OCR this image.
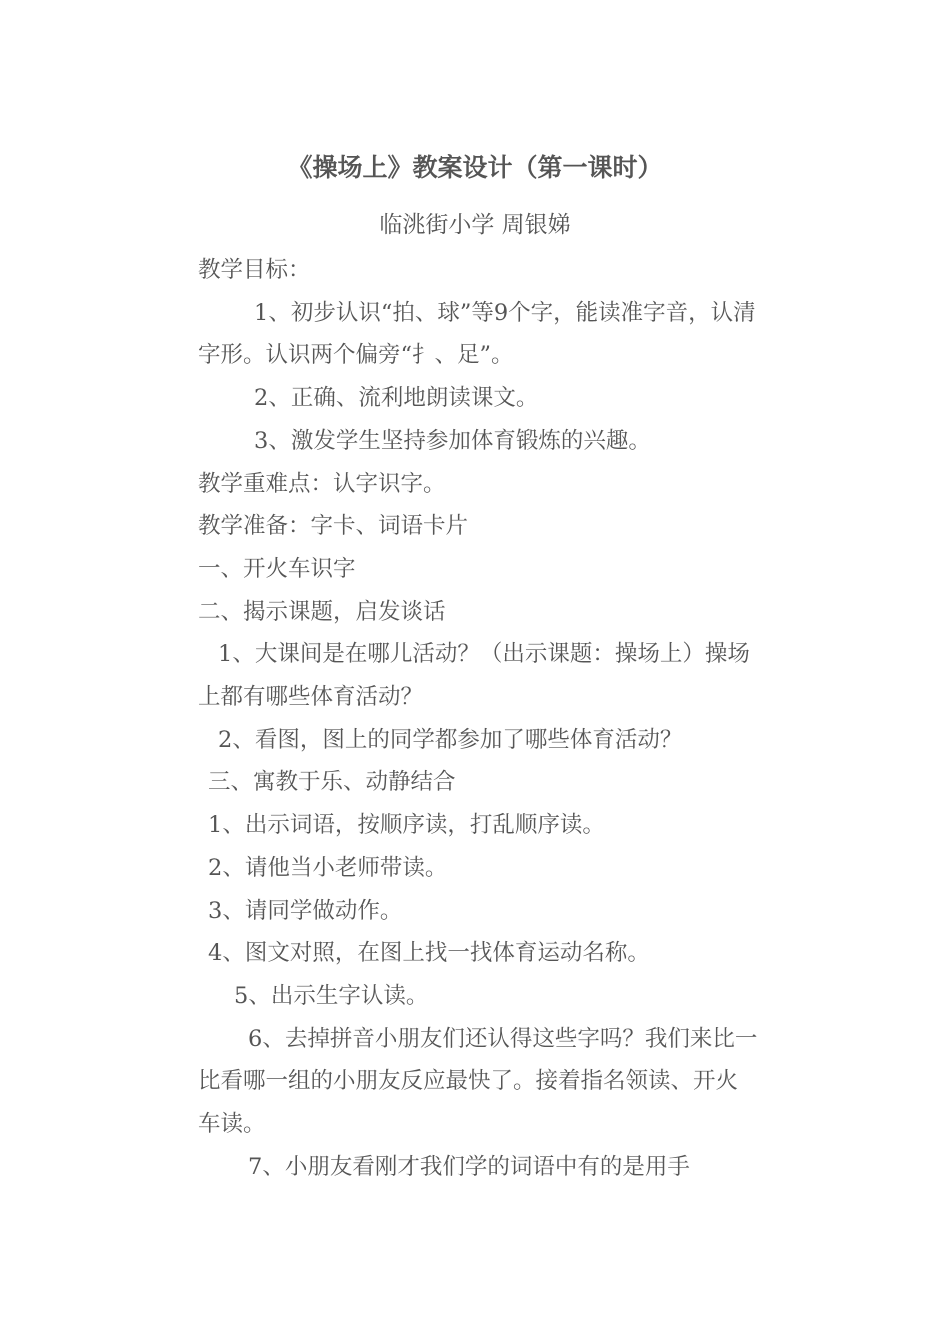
《操场上》教案设计（第一课时）
临洮街小学 周银娣

教学目标：

1、初步认识“拍、球”等9个字，能读准字音，认清字形。认识两个偏旁“扌、足”。

2、正确、流利地朗读课文。

3、激发学生坚持参加体育锻炼的兴趣。

教学重难点：认字识字。

教学准备：字卡、词语卡片

一、开火车识字

二、揭示课题，启发谈话

1、大课间是在哪儿活动？（出示课题：操场上）操场上都有哪些体育活动？

2、看图，图上的同学都参加了哪些体育活动？

三、寓教于乐、动静结合

1、出示词语，按顺序读，打乱顺序读。

2、请他当小老师带读。

3、请同学做动作。

4、图文对照，在图上找一找体育运动名称。

5、出示生字认读。

6、去掉拼音小朋友们还认得这些字吗？我们来比一比看哪一组的小朋友反应最快了。接着指名领读、开火车读。

7、小朋友看刚才我们学的词语中有的是用手
